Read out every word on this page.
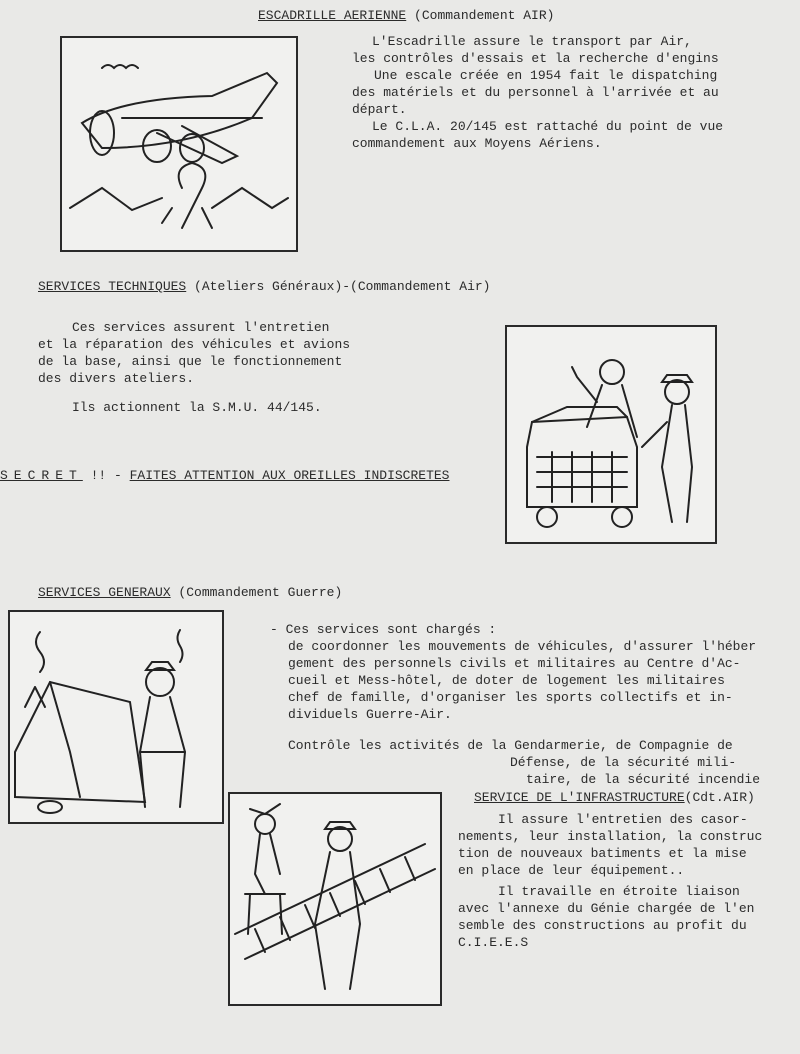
ESCADRILLE AERIENNE (Commandement AIR)
L'Escadrille assure le transport par Air,
les contrôles d'essais et la recherche d'engins
Une escale créée en 1954 fait le dispatching
des matériels et du personnel à l'arrivée et au
départ.
Le C.L.A. 20/145 est rattaché du point de vue
commandement aux Moyens Aériens.
SERVICES TECHNIQUES (Ateliers Généraux)-(Commandement Air)
Ces services assurent l'entretien
et la réparation des véhicules et avions
de la base, ainsi que le fonctionnement
des divers ateliers.
Ils actionnent la S.M.U. 44/145.
SECRET !! - FAITES ATTENTION AUX OREILLES INDISCRETES
SERVICES GENERAUX (Commandement Guerre)
- Ces services sont chargés :
de coordonner les mouvements de véhicules, d'assurer l'héber
gement des personnels civils et militaires au Centre d'Ac-
cueil et Mess-hôtel, de doter de logement les militaires
chef de famille, d'organiser les sports collectifs et in-
dividuels Guerre-Air.
Contrôle les activités de la Gendarmerie, de Compagnie de
Défense, de la sécurité mili-
taire, de la sécurité incendie
SERVICE DE L'INFRASTRUCTURE(Cdt.AIR)
Il assure l'entretien des casor-
nements, leur installation, la construc
tion de nouveaux batiments et la mise
en place de leur équipement..
Il travaille en étroite liaison
avec l'annexe du Génie chargée de l'en
semble des constructions au profit du
C.I.E.E.S
